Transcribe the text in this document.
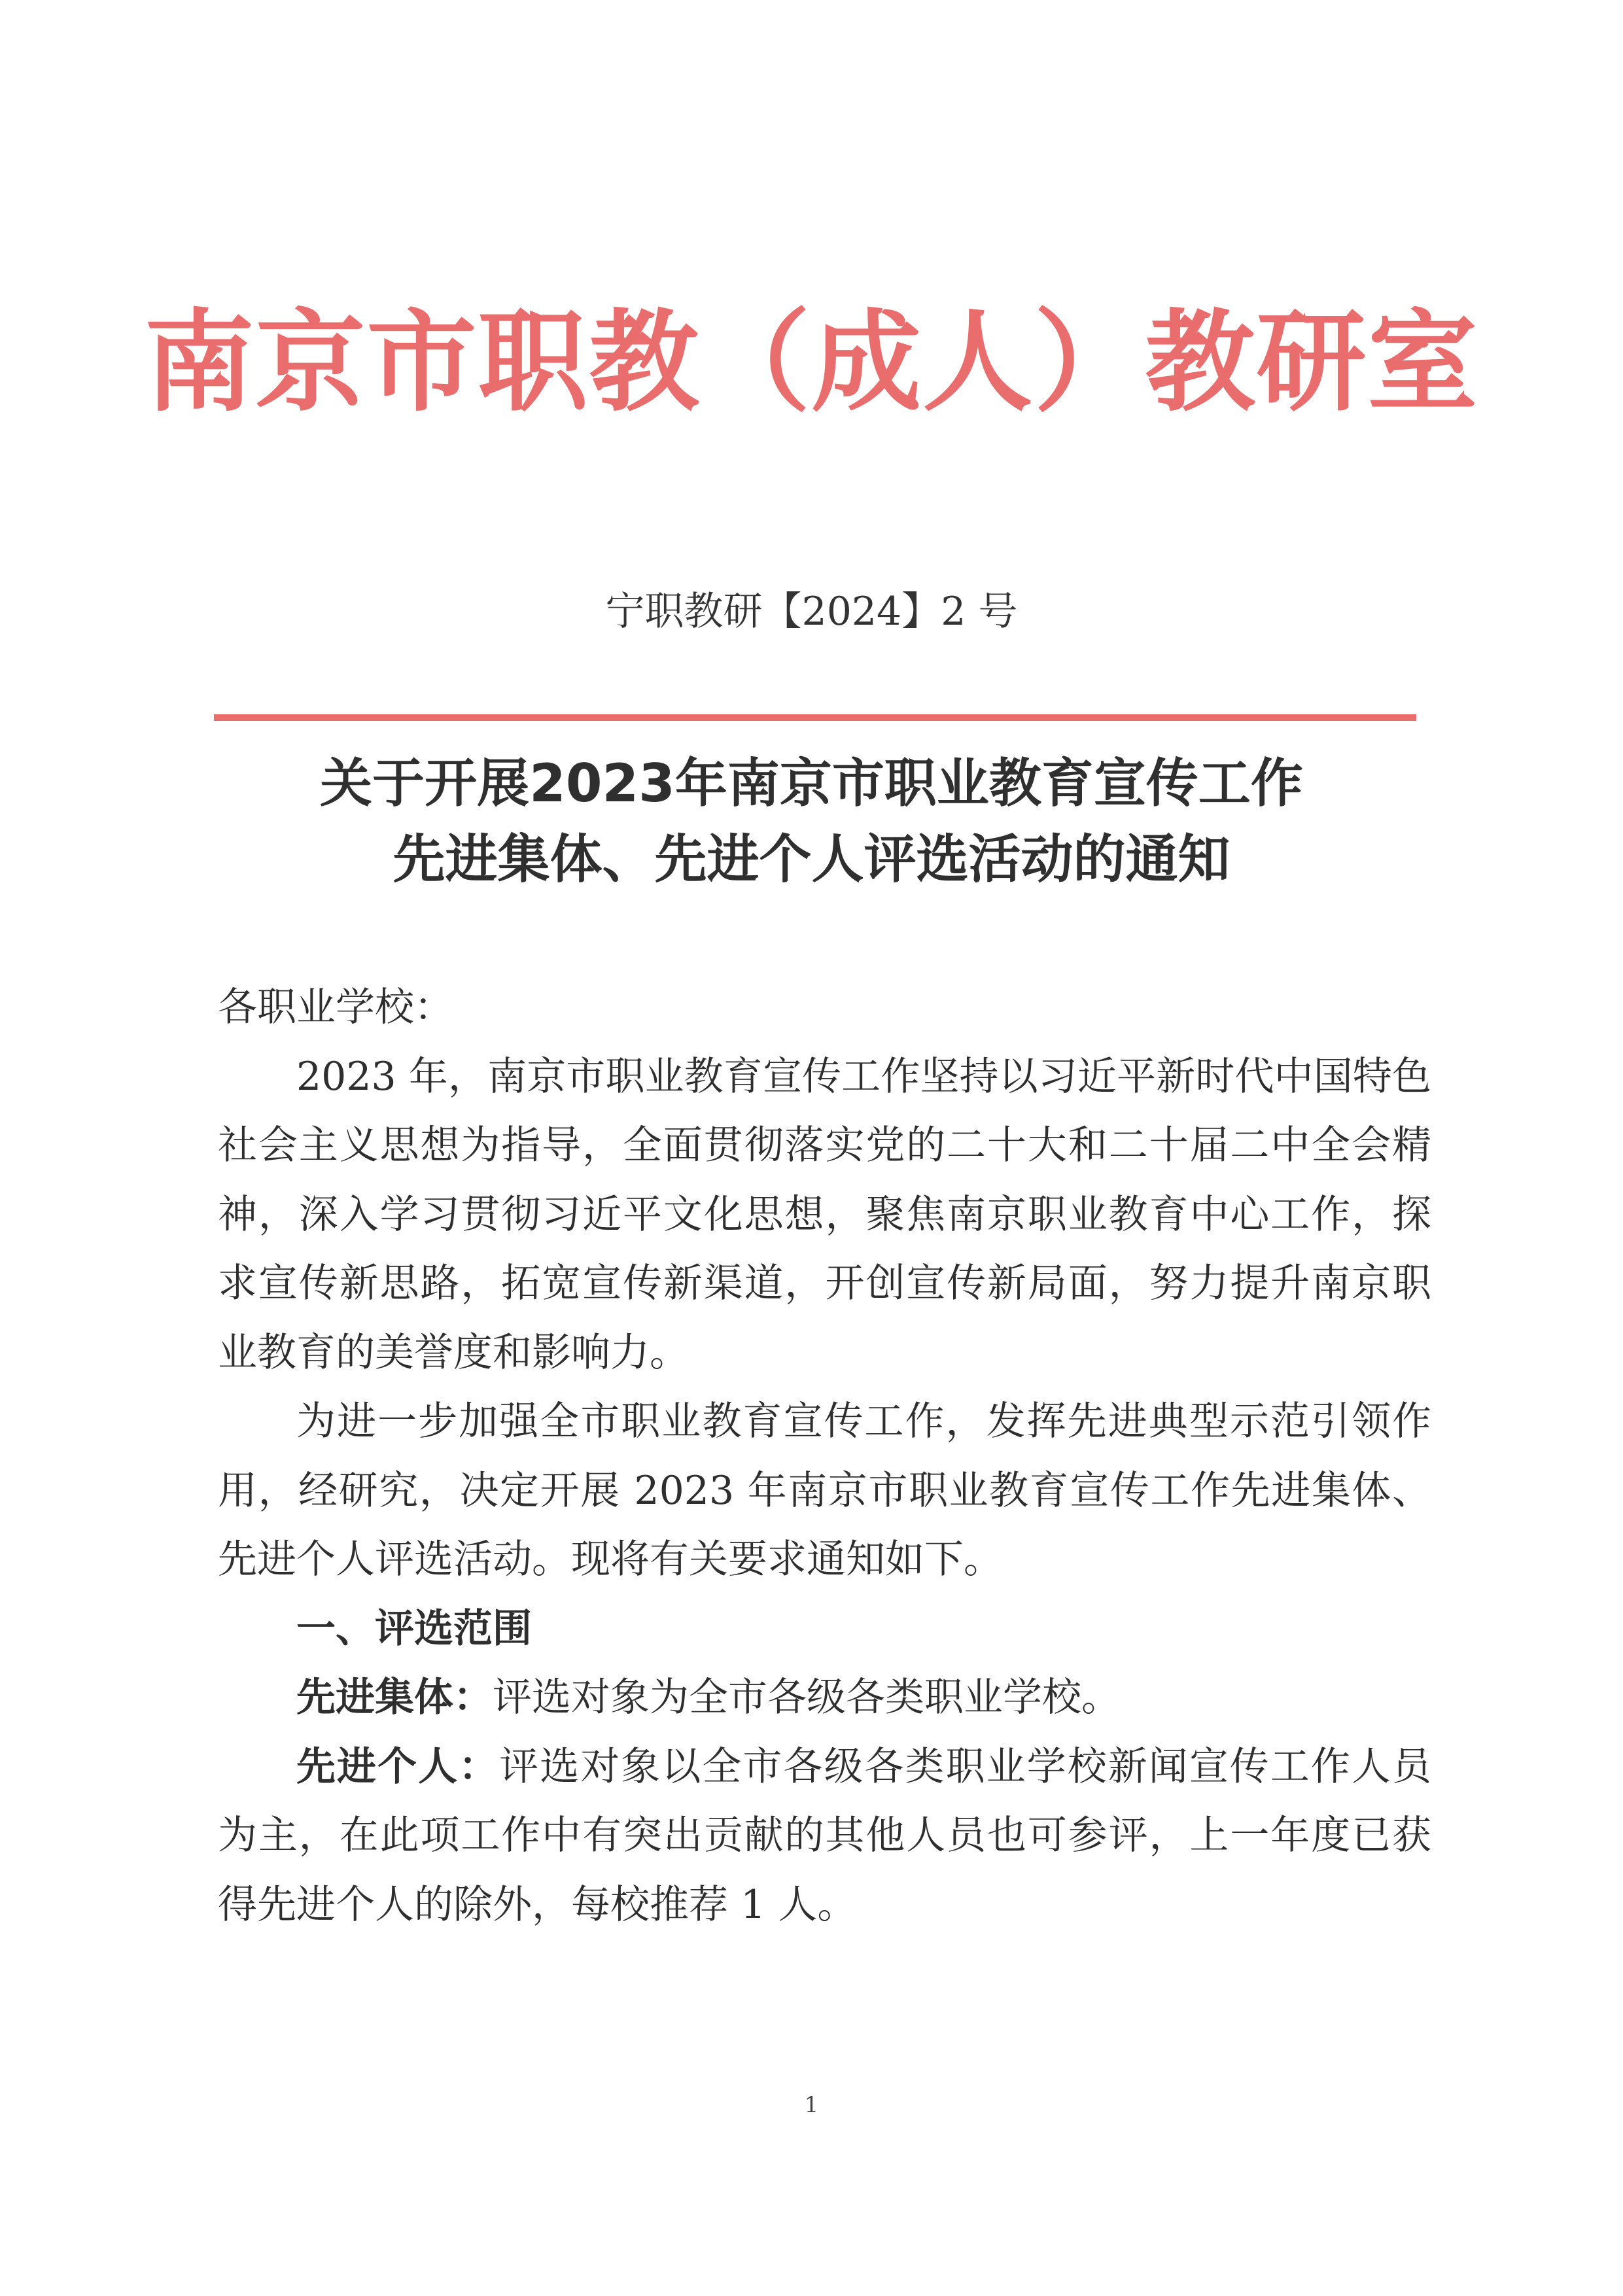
南京市职教（成人）教研室
宁职教研【2024】2 号
关于开展2023年南京市职业教育宣传工作
先进集体、先进个人评选活动的通知

各职业学校：

2023 年，南京市职业教育宣传工作坚持以习近平新时代中国特色社会主义思想为指导，全面贯彻落实党的二十大和二十届二中全会精神，深入学习贯彻习近平文化思想，聚焦南京职业教育中心工作，探求宣传新思路，拓宽宣传新渠道，开创宣传新局面，努力提升南京职业教育的美誉度和影响力。

为进一步加强全市职业教育宣传工作，发挥先进典型示范引领作用，经研究，决定开展 2023 年南京市职业教育宣传工作先进集体、先进个人评选活动。现将有关要求通知如下。

一、评选范围

先进集体：评选对象为全市各级各类职业学校。

先进个人：评选对象以全市各级各类职业学校新闻宣传工作人员为主，在此项工作中有突出贡献的其他人员也可参评，上一年度已获得先进个人的除外，每校推荐 1 人。

1
